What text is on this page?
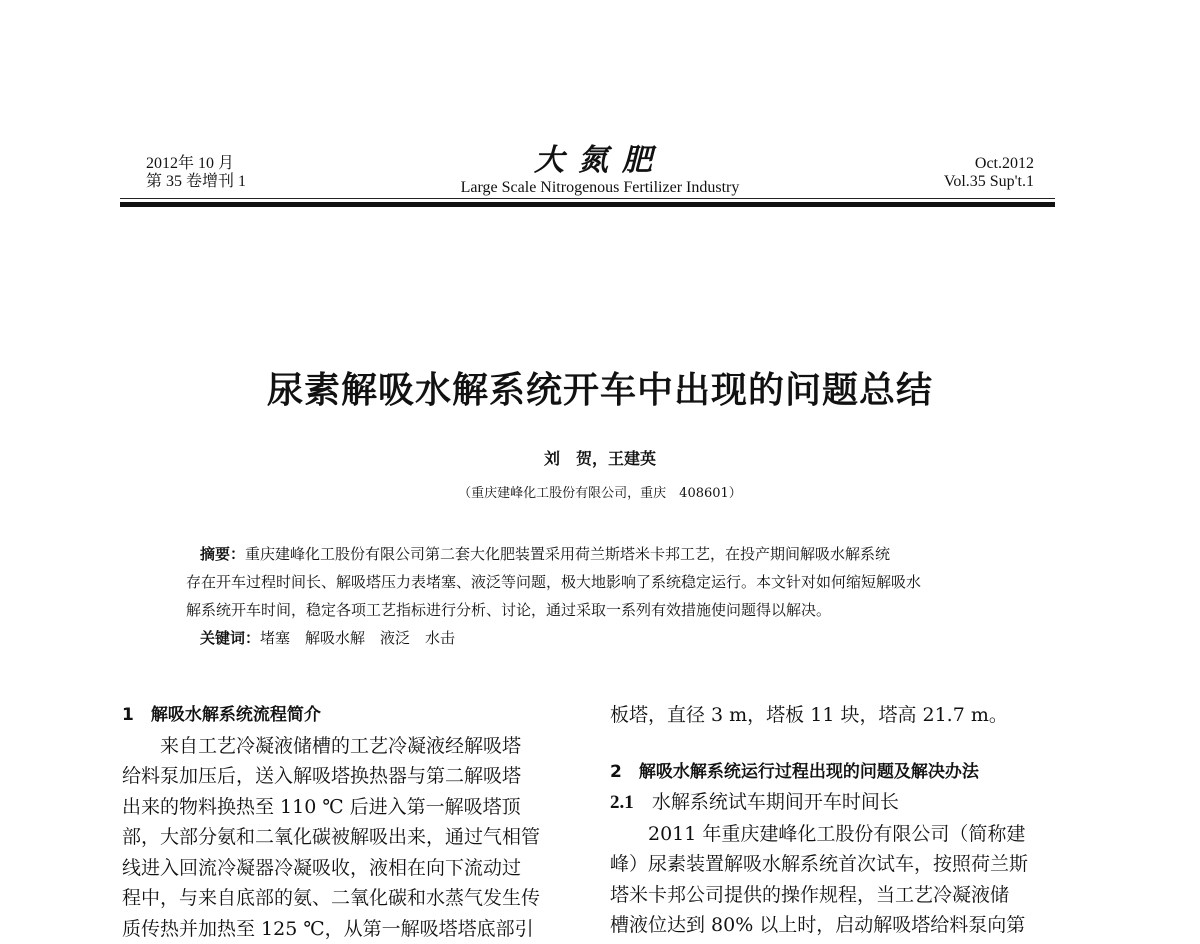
2012年 10 月
第 35 卷增刊 1
大氮肥
Large Scale Nitrogenous Fertilizer Industry
Oct.2012
Vol.35 Sup't.1
尿素解吸水解系统开车中出现的问题总结
刘　贺，王建英
（重庆建峰化工股份有限公司，重庆　408601）

摘要：重庆建峰化工股份有限公司第二套大化肥装置采用荷兰斯塔米卡邦工艺，在投产期间解吸水解系统

存在开车过程时间长、解吸塔压力表堵塞、液泛等问题，极大地影响了系统稳定运行。本文针对如何缩短解吸水

解系统开车时间，稳定各项工艺指标进行分析、讨论，通过采取一系列有效措施使问题得以解决。

关键词：堵塞　解吸水解　液泛　水击

1　解吸水解系统流程简介

来自工艺冷凝液储槽的工艺冷凝液经解吸塔

给料泵加压后，送入解吸塔换热器与第二解吸塔

出来的物料换热至 110 ℃ 后进入第一解吸塔顶

部，大部分氨和二氧化碳被解吸出来，通过气相管

线进入回流冷凝器冷凝吸收，液相在向下流动过

程中，与来自底部的氨、二氧化碳和水蒸气发生传

质传热并加热至 125 ℃，从第一解吸塔塔底部引

板塔，直径 3 m，塔板 11 块，塔高 21.7 m。

2　解吸水解系统运行过程出现的问题及解决办法

2.1 水解系统试车期间开车时间长

2011 年重庆建峰化工股份有限公司（简称建

峰）尿素装置解吸水解系统首次试车，按照荷兰斯

塔米卡邦公司提供的操作规程，当工艺冷凝液储

槽液位达到 80% 以上时，启动解吸塔给料泵向第
